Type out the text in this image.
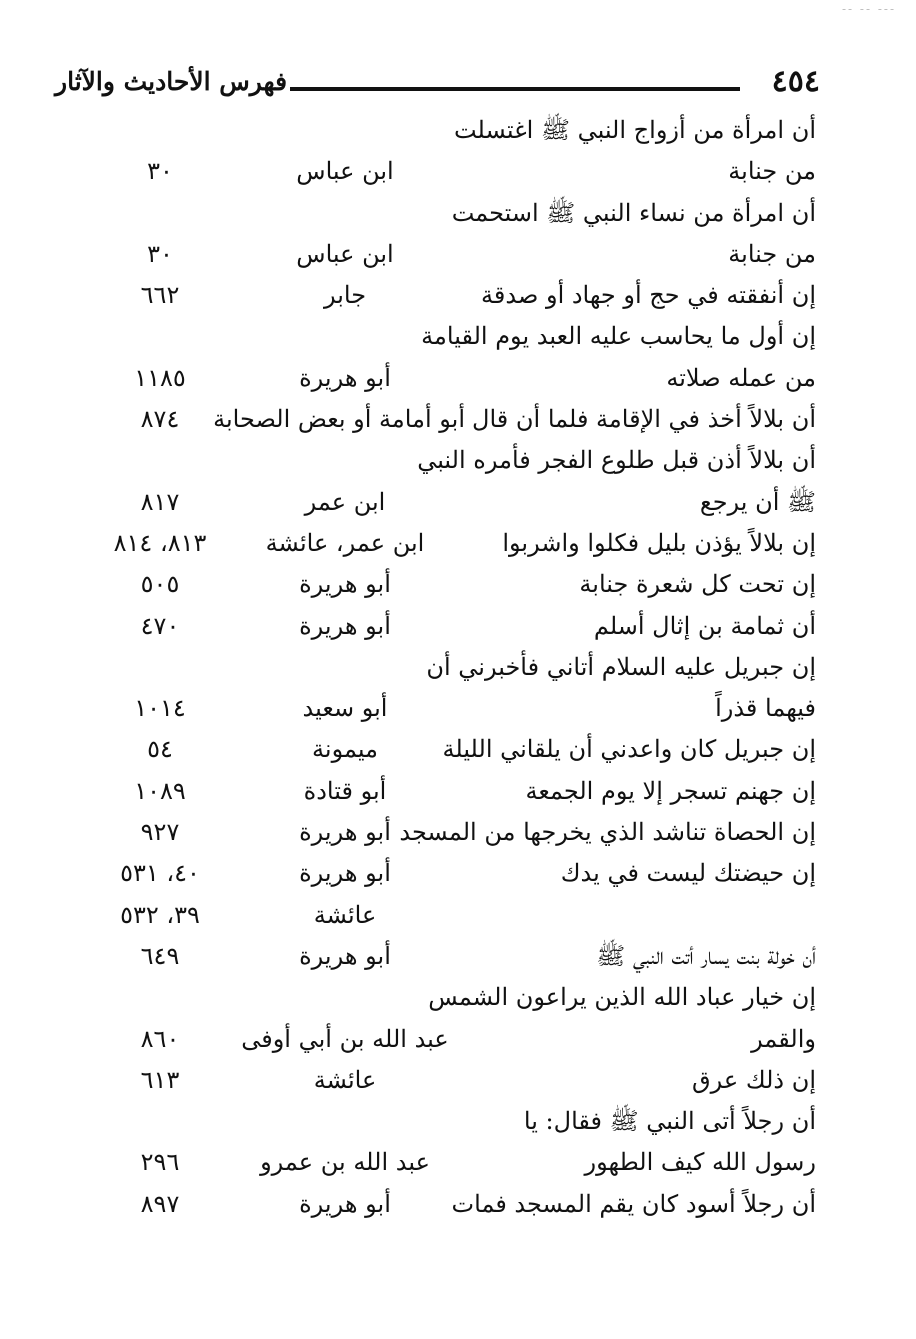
-- -- ---
٤٥٤
فهرس الأحاديث والآثار
أن امرأة من أزواج النبي ﷺ اغتسلت
من جنابة
ابن عباس
٣٠
أن امرأة من نساء النبي ﷺ استحمت
من جنابة
ابن عباس
٣٠
إن أنفقته في حج أو جهاد أو صدقة
جابر
٦٦٢
إن أول ما يحاسب عليه العبد يوم القيامة
من عمله صلاته
أبو هريرة
١١٨٥
أن بلالاً أخذ في الإقامة فلما أن قال
أبو أمامة أو بعض الصحابة
٨٧٤
أن بلالاً أذن قبل طلوع الفجر فأمره النبي
ﷺ أن يرجع
ابن عمر
٨١٧
إن بلالاً يؤذن بليل فكلوا واشربوا
ابن عمر، عائشة
٨١٣، ٨١٤
إن تحت كل شعرة جنابة
أبو هريرة
٥٠٥
أن ثمامة بن إثال أسلم
أبو هريرة
٤٧٠
إن جبريل عليه السلام أتاني فأخبرني أن
فيهما قذراً
أبو سعيد
١٠١٤
إن جبريل كان واعدني أن يلقاني الليلة
ميمونة
٥٤
إن جهنم تسجر إلا يوم الجمعة
أبو قتادة
١٠٨٩
إن الحصاة تناشد الذي يخرجها من المسجد
أبو هريرة
٩٢٧
إن حيضتك ليست في يدك
أبو هريرة
٤٠، ٥٣١
عائشة
٣٩، ٥٣٢
أن خولة بنت يسار أتت النبي ﷺ
أبو هريرة
٦٤٩
إن خيار عباد الله الذين يراعون الشمس
والقمر
عبد الله بن أبي أوفى
٨٦٠
إن ذلك عرق
عائشة
٦١٣
أن رجلاً أتى النبي ﷺ فقال: يا
رسول الله كيف الطهور
عبد الله بن عمرو
٢٩٦
أن رجلاً أسود كان يقم المسجد فمات
أبو هريرة
٨٩٧
